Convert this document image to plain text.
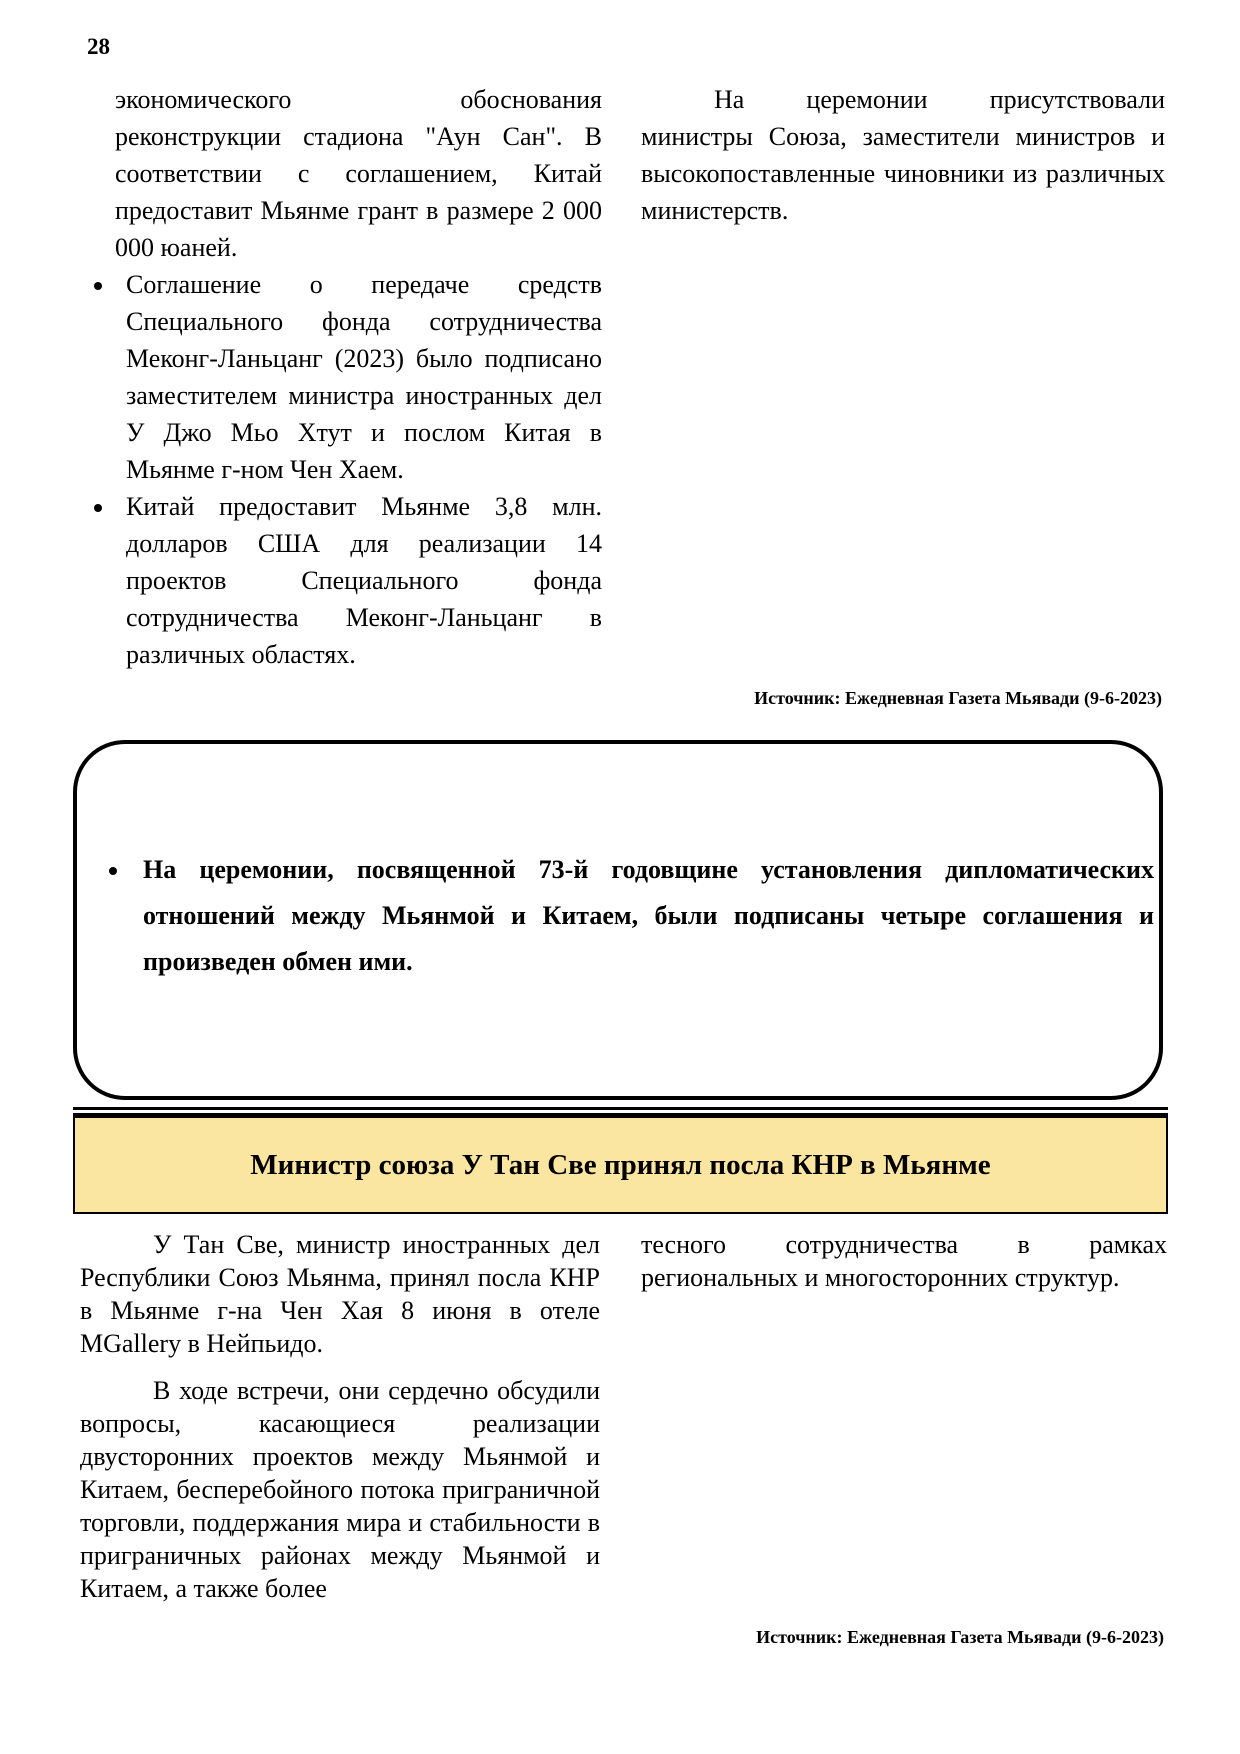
28

экономического обоснования реконструкции стадиона "Аун Сан". В соответствии с соглашением, Китай предоставит Мьянме грант в размере 2 000 000 юаней.

• Соглашение о передаче средств Специального фонда сотрудничества Меконг-Ланьцанг (2023) было подписано заместителем министра иностранных дел У Джо Мьо Хтут и послом Китая в Мьянме г-ном Чен Хаем.
• Китай предоставит Мьянме 3,8 млн. долларов США для реализации 14 проектов Специального фонда сотрудничества Меконг-Ланьцанг в различных областях.

На церемонии присутствовали министры Союза, заместители министров и высокопоставленные чиновники из различных министерств.

Источник: Ежедневная Газета Мьявади (9-6-2023)

• На церемонии, посвященной 73-й годовщине установления дипломатических отношений между Мьянмой и Китаем, были подписаны четыре соглашения и произведен обмен ими.
Министр союза У Тан Све принял посла КНР в Мьянме

У Тан Све, министр иностранных дел Республики Союз Мьянма, принял посла КНР в Мьянме г-на Чен Хая 8 июня в отеле MGallery в Нейпьидо.

В ходе встречи, они сердечно обсудили вопросы, касающиеся реализации двусторонних проектов между Мьянмой и Китаем, бесперебойного потока приграничной торговли, поддержания мира и стабильности в приграничных районах между Мьянмой и Китаем, а также более

тесного сотрудничества в рамках региональных и многосторонних структур.

Источник: Ежедневная Газета Мьявади (9-6-2023)
